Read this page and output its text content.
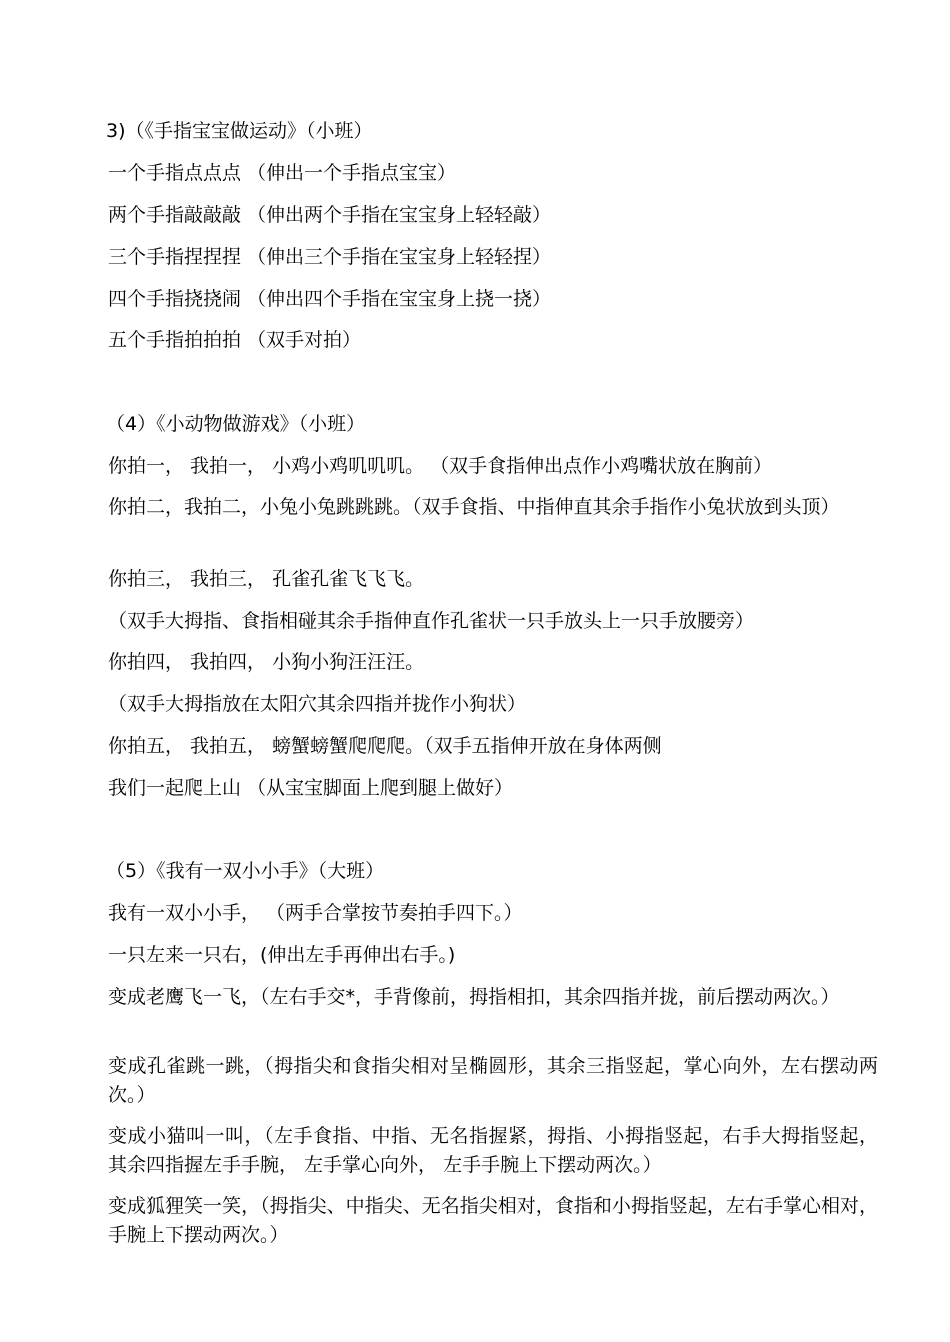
3)（《手指宝宝做运动》（小班）
一个手指点点点 （伸出一个手指点宝宝）
两个手指敲敲敲 （伸出两个手指在宝宝身上轻轻敲）
三个手指捏捏捏 （伸出三个手指在宝宝身上轻轻捏）
四个手指挠挠闹 （伸出四个手指在宝宝身上挠一挠）
五个手指拍拍拍 （双手对拍）
（4）《小动物做游戏》（小班）
你拍一， 我拍一， 小鸡小鸡叽叽叽。 （双手食指伸出点作小鸡嘴状放在胸前）
你拍二，我拍二，小兔小兔跳跳跳。（双手食指、中指伸直其余手指作小兔状放到头顶）
你拍三， 我拍三， 孔雀孔雀飞飞飞。
（双手大拇指、食指相碰其余手指伸直作孔雀状一只手放头上一只手放腰旁）
你拍四， 我拍四， 小狗小狗汪汪汪。
（双手大拇指放在太阳穴其余四指并拢作小狗状）
你拍五， 我拍五， 螃蟹螃蟹爬爬爬。（双手五指伸开放在身体两侧
我们一起爬上山 （从宝宝脚面上爬到腿上做好）
（5）《我有一双小小手》（大班）
我有一双小小手， （两手合掌按节奏拍手四下。）
一只左来一只右，(伸出左手再伸出右手。)
变成老鹰飞一飞，（左右手交*，手背像前，拇指相扣，其余四指并拢，前后摆动两次。）
变成孔雀跳一跳，（拇指尖和食指尖相对呈椭圆形，其余三指竖起，掌心向外，左右摆动两次。）
变成小猫叫一叫，（左手食指、中指、无名指握紧，拇指、小拇指竖起，右手大拇指竖起， 其余四指握左手手腕， 左手掌心向外， 左手手腕上下摆动两次。）
变成狐狸笑一笑，（拇指尖、中指尖、无名指尖相对，食指和小拇指竖起，左右手掌心相对， 手腕上下摆动两次。）
